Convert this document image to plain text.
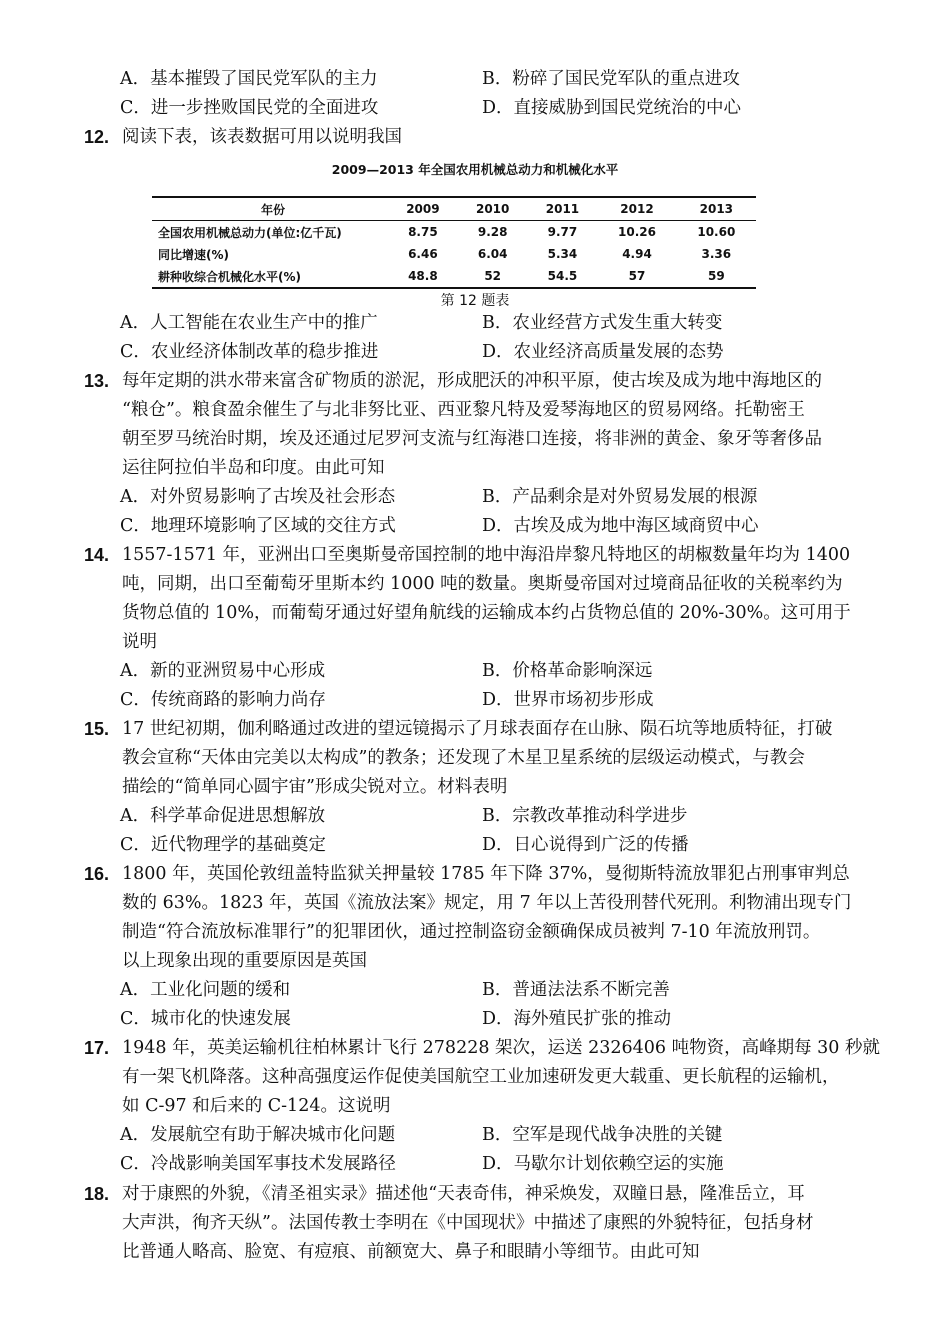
A．基本摧毁了国民党军队的主力	B．粉碎了国民党军队的重点进攻
C．进一步挫败国民党的全面进攻	D．直接威胁到国民党统治的中心
12. 阅读下表，该表数据可用以说明我国
2009—2013 年全国农用机械总动力和机械化水平
年份	2009	2010	2011	2012	2013
全国农用机械总动力(单位:亿千瓦)	8.75	9.28	9.77	10.26	10.60
同比增速(%)	6.46	6.04	5.34	4.94	3.36
耕种收综合机械化水平(%)	48.8	52	54.5	57	59
第 12 题表
A．人工智能在农业生产中的推广	B．农业经营方式发生重大转变
C．农业经济体制改革的稳步推进	D．农业经济高质量发展的态势
13. 每年定期的洪水带来富含矿物质的淤泥，形成肥沃的冲积平原，使古埃及成为地中海地区的
“粮仓”。粮食盈余催生了与北非努比亚、西亚黎凡特及爱琴海地区的贸易网络。托勒密王
朝至罗马统治时期，埃及还通过尼罗河支流与红海港口连接，将非洲的黄金、象牙等奢侈品
运往阿拉伯半岛和印度。由此可知
A．对外贸易影响了古埃及社会形态	B．产品剩余是对外贸易发展的根源
C．地理环境影响了区域的交往方式	D．古埃及成为地中海区域商贸中心
14. 1557-1571 年，亚洲出口至奥斯曼帝国控制的地中海沿岸黎凡特地区的胡椒数量年均为 1400
吨，同期，出口至葡萄牙里斯本约 1000 吨的数量。奥斯曼帝国对过境商品征收的关税率约为
货物总值的 10%，而葡萄牙通过好望角航线的运输成本约占货物总值的 20%-30%。这可用于
说明
A．新的亚洲贸易中心形成	B．价格革命影响深远
C．传统商路的影响力尚存	D．世界市场初步形成
15. 17 世纪初期，伽利略通过改进的望远镜揭示了月球表面存在山脉、陨石坑等地质特征，打破
教会宣称“天体由完美以太构成”的教条；还发现了木星卫星系统的层级运动模式，与教会
描绘的“简单同心圆宇宙”形成尖锐对立。材料表明
A．科学革命促进思想解放	B．宗教改革推动科学进步
C．近代物理学的基础奠定	D．日心说得到广泛的传播
16. 1800 年，英国伦敦纽盖特监狱关押量较 1785 年下降 37%，曼彻斯特流放罪犯占刑事审判总
数的 63%。1823 年，英国《流放法案》规定，用 7 年以上苦役刑替代死刑。利物浦出现专门
制造“符合流放标准罪行”的犯罪团伙，通过控制盗窃金额确保成员被判 7-10 年流放刑罚。
以上现象出现的重要原因是英国
A．工业化问题的缓和	B．普通法法系不断完善
C．城市化的快速发展	D．海外殖民扩张的推动
17. 1948 年，英美运输机往柏林累计飞行 278228 架次，运送 2326406 吨物资，高峰期每 30 秒就
有一架飞机降落。这种高强度运作促使美国航空工业加速研发更大载重、更长航程的运输机，
如 C-97 和后来的 C-124。这说明
A．发展航空有助于解决城市化问题	B．空军是现代战争决胜的关键
C．冷战影响美国军事技术发展路径	D．马歇尔计划依赖空运的实施
18. 对于康熙的外貌，《清圣祖实录》描述他“天表奇伟，神采焕发，双瞳日悬，隆准岳立，耳
大声洪，徇齐天纵”。法国传教士李明在《中国现状》中描述了康熙的外貌特征，包括身材
比普通人略高、脸宽、有痘痕、前额宽大、鼻子和眼睛小等细节。由此可知
